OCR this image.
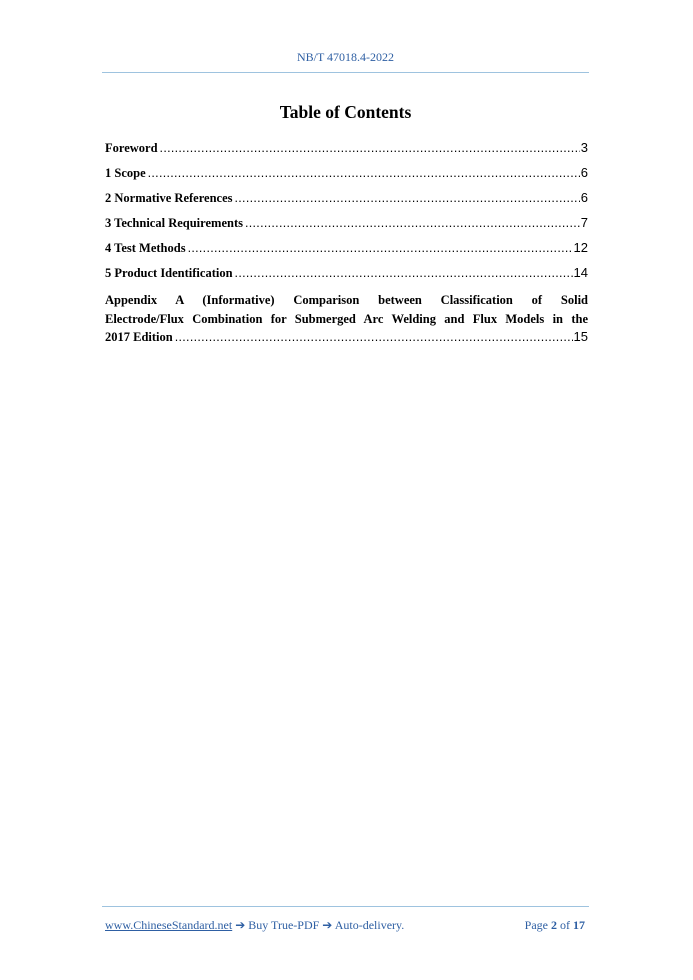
NB/T 47018.4-2022
Table of Contents
Foreword .....	3
1 Scope .....	6
2 Normative References .....	6
3 Technical Requirements .....	7
4 Test Methods .....	12
5 Product Identification .....	14
Appendix A (Informative) Comparison between Classification of Solid
Electrode/Flux Combination for Submerged Arc Welding and Flux Models in the
2017 Edition .....	15
www.ChineseStandard.net ➔ Buy True-PDF ➔ Auto-delivery.	Page 2 of 17
